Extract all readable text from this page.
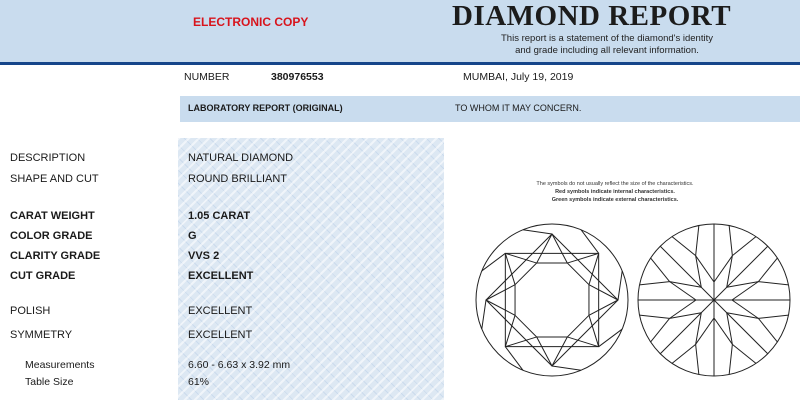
ELECTRONIC COPY	DIAMOND REPORT
This report is a statement of the diamond's identity
and grade including all relevant information.
NUMBER	380976553	MUMBAI, July 19, 2019
LABORATORY REPORT (ORIGINAL)	TO WHOM IT MAY CONCERN.
DESCRIPTION	NATURAL DIAMOND
SHAPE AND CUT	ROUND BRILLIANT
CARAT WEIGHT	1.05 CARAT
COLOR GRADE	G
CLARITY GRADE	VVS 2
CUT GRADE	EXCELLENT
POLISH	EXCELLENT
SYMMETRY	EXCELLENT
Measurements	6.60 - 6.63 x 3.92 mm
Table Size	61%
The symbols do not usually reflect the size of the characteristics.
Red symbols indicate internal characteristics.
Green symbols indicate external characteristics.
